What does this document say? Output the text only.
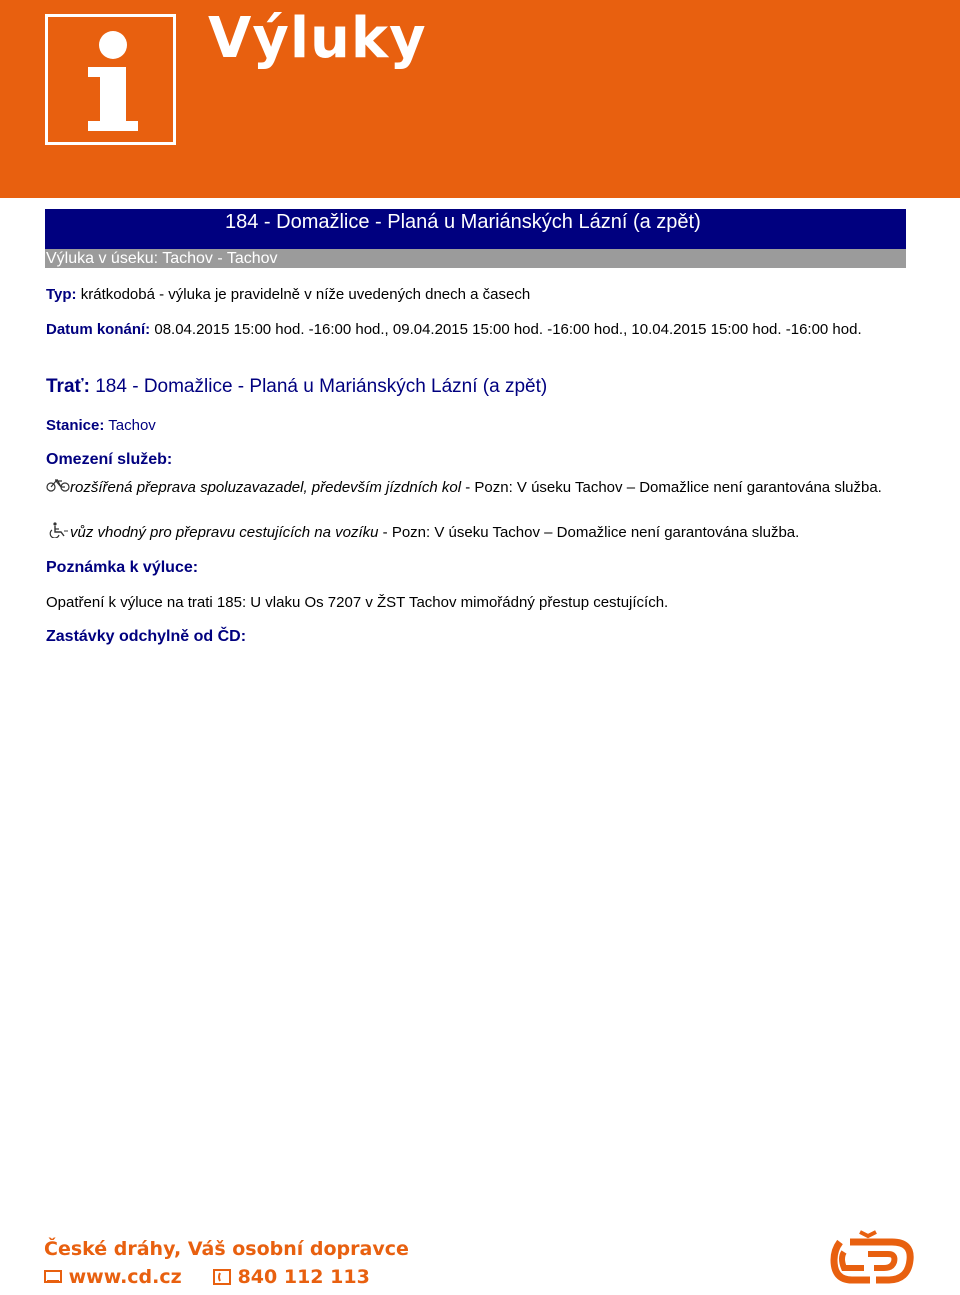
Výluky
184 - Domažlice - Planá u Mariánských Lázní (a zpět)
Výluka v úseku: Tachov - Tachov
Typ: krátkodobá - výluka je pravidelně v níže uvedených dnech a časech
Datum konání: 08.04.2015 15:00 hod. -16:00 hod., 09.04.2015 15:00 hod. -16:00 hod., 10.04.2015 15:00 hod. -16:00 hod.
Trať: 184 - Domažlice - Planá u Mariánských Lázní (a zpět)
Stanice: Tachov
Omezení služeb:
rozšířená přeprava spoluzavazadel, především jízdních kol - Pozn: V úseku Tachov – Domažlice není garantována služba.
vůz vhodný pro přepravu cestujících na vozíku - Pozn: V úseku Tachov – Domažlice není garantována služba.
Poznámka k výluce:
Opatření k výluce na trati 185: U vlaku Os 7207 v ŽST Tachov mimořádný přestup cestujících.
Zastávky odchylně od ČD:
České dráhy, Váš osobní dopravce
www.cd.cz	840 112 113
